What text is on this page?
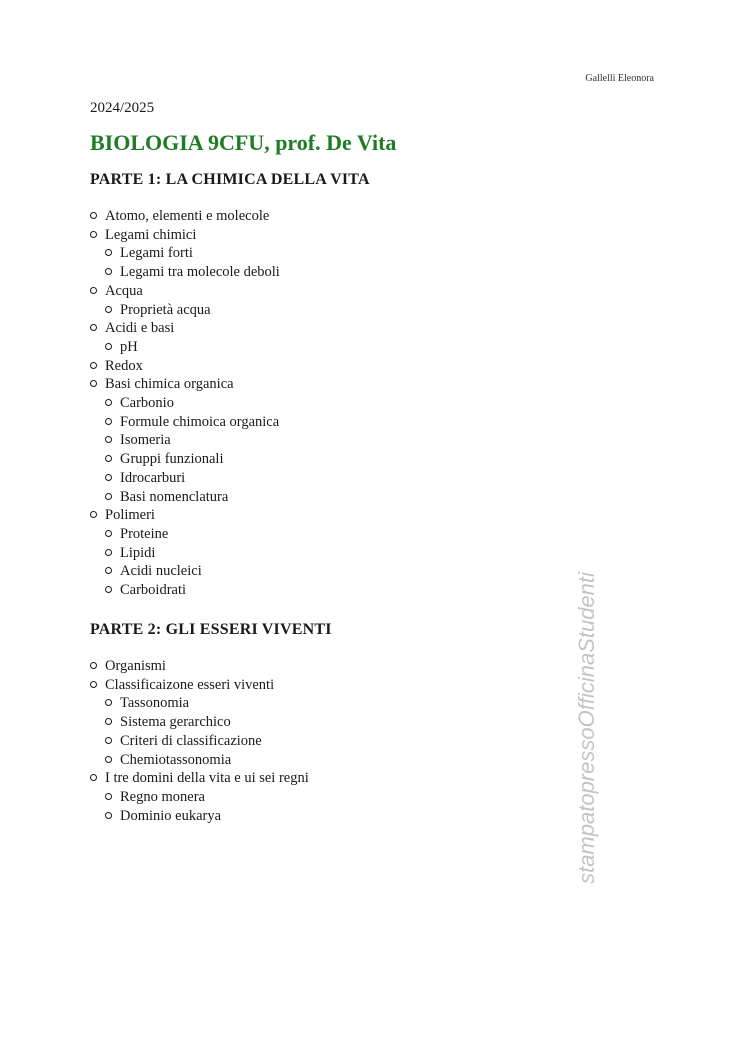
Gallelli Eleonora
2024/2025
BIOLOGIA 9CFU, prof. De Vita
PARTE 1: LA CHIMICA DELLA VITA
Atomo, elementi e molecole
Legami chimici
Legami forti
Legami tra molecole deboli
Acqua
Proprietà acqua
Acidi e basi
pH
Redox
Basi chimica organica
Carbonio
Formule chimoica organica
Isomeria
Gruppi funzionali
Idrocarburi
Basi nomenclatura
Polimeri
Proteine
Lipidi
Acidi nucleici
Carboidrati
PARTE 2: GLI ESSERI VIVENTI
Organismi
Classificaizone esseri viventi
Tassonomia
Sistema gerarchico
Criteri di classificazione
Chemiotassonomia
I tre domini della vita e ui sei regni
Regno monera
Dominio eukarya	stampatopressoOfficinaStudenti
